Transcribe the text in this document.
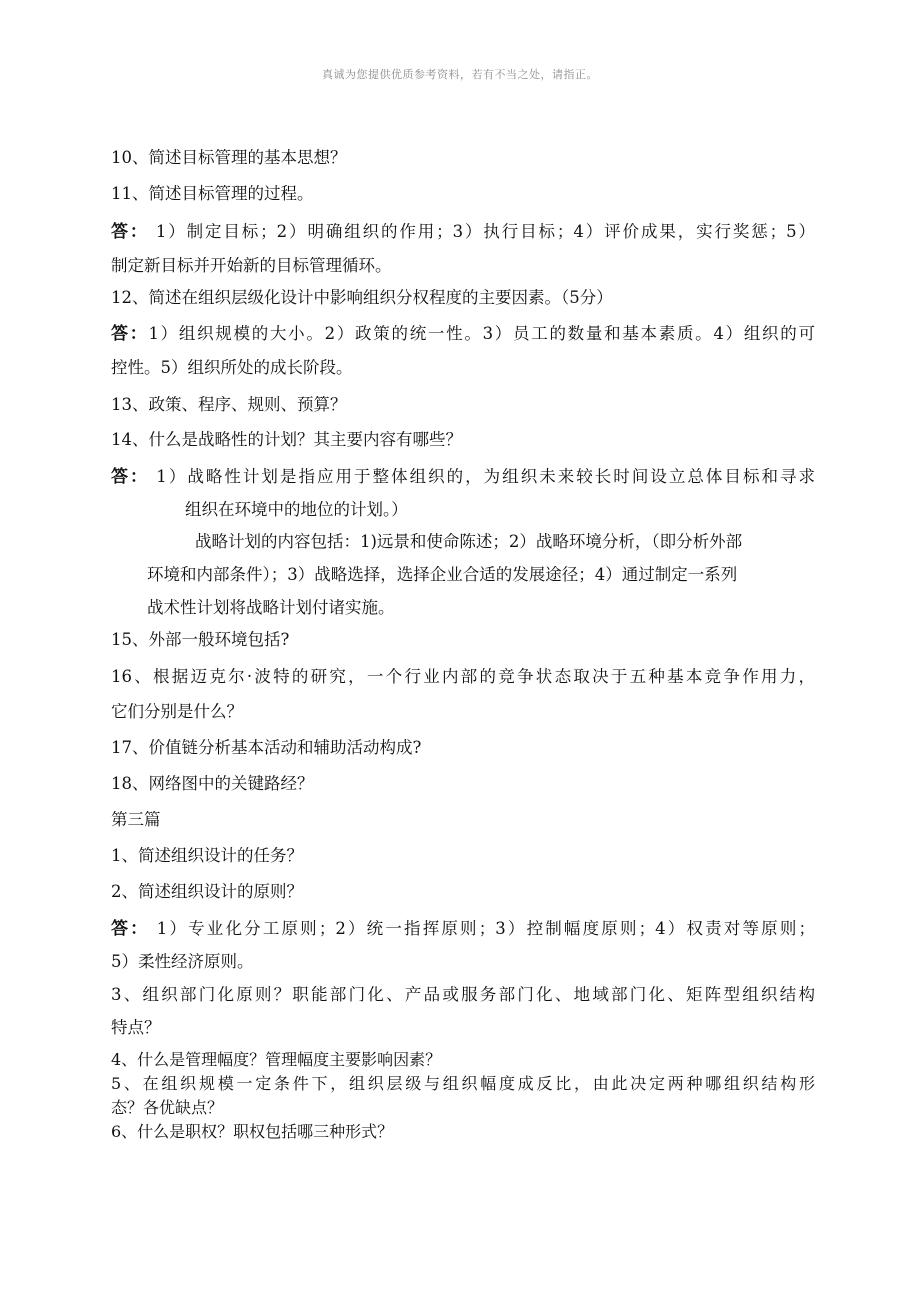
真诚为您提供优质参考资料，若有不当之处，请指正。
10、简述目标管理的基本思想？
11、简述目标管理的过程。
答： 1）制定目标；2）明确组织的作用；3）执行目标；4）评价成果，实行奖惩；5）
制定新目标并开始新的目标管理循环。
12、简述在组织层级化设计中影响组织分权程度的主要因素。（5分）
答：1）组织规模的大小。2）政策的统一性。3）员工的数量和基本素质。4）组织的可
控性。5）组织所处的成长阶段。
13、政策、程序、规则、预算？
14、什么是战略性的计划？其主要内容有哪些？
答： 1）战略性计划是指应用于整体组织的，为组织未来较长时间设立总体目标和寻求
组织在环境中的地位的计划。）
战略计划的内容包括：1)远景和使命陈述；2）战略环境分析，（即分析外部
环境和内部条件）；3）战略选择，选择企业合适的发展途径；4）通过制定一系列
战术性计划将战略计划付诸实施。
15、外部一般环境包括?
16、根据迈克尔·波特的研究，一个行业内部的竞争状态取决于五种基本竞争作用力，
它们分别是什么？
17、价值链分析基本活动和辅助活动构成?
18、网络图中的关键路经？
第三篇
1、简述组织设计的任务？
2、简述组织设计的原则？
答： 1）专业化分工原则；2）统一指挥原则；3）控制幅度原则；4）权责对等原则；
5）柔性经济原则。
3、组织部门化原则？职能部门化、产品或服务部门化、地域部门化、矩阵型组织结构
特点？
4、什么是管理幅度？管理幅度主要影响因素？
5、在组织规模一定条件下，组织层级与组织幅度成反比，由此决定两种哪组织结构形
态？各优缺点？
6、什么是职权？职权包括哪三种形式？
